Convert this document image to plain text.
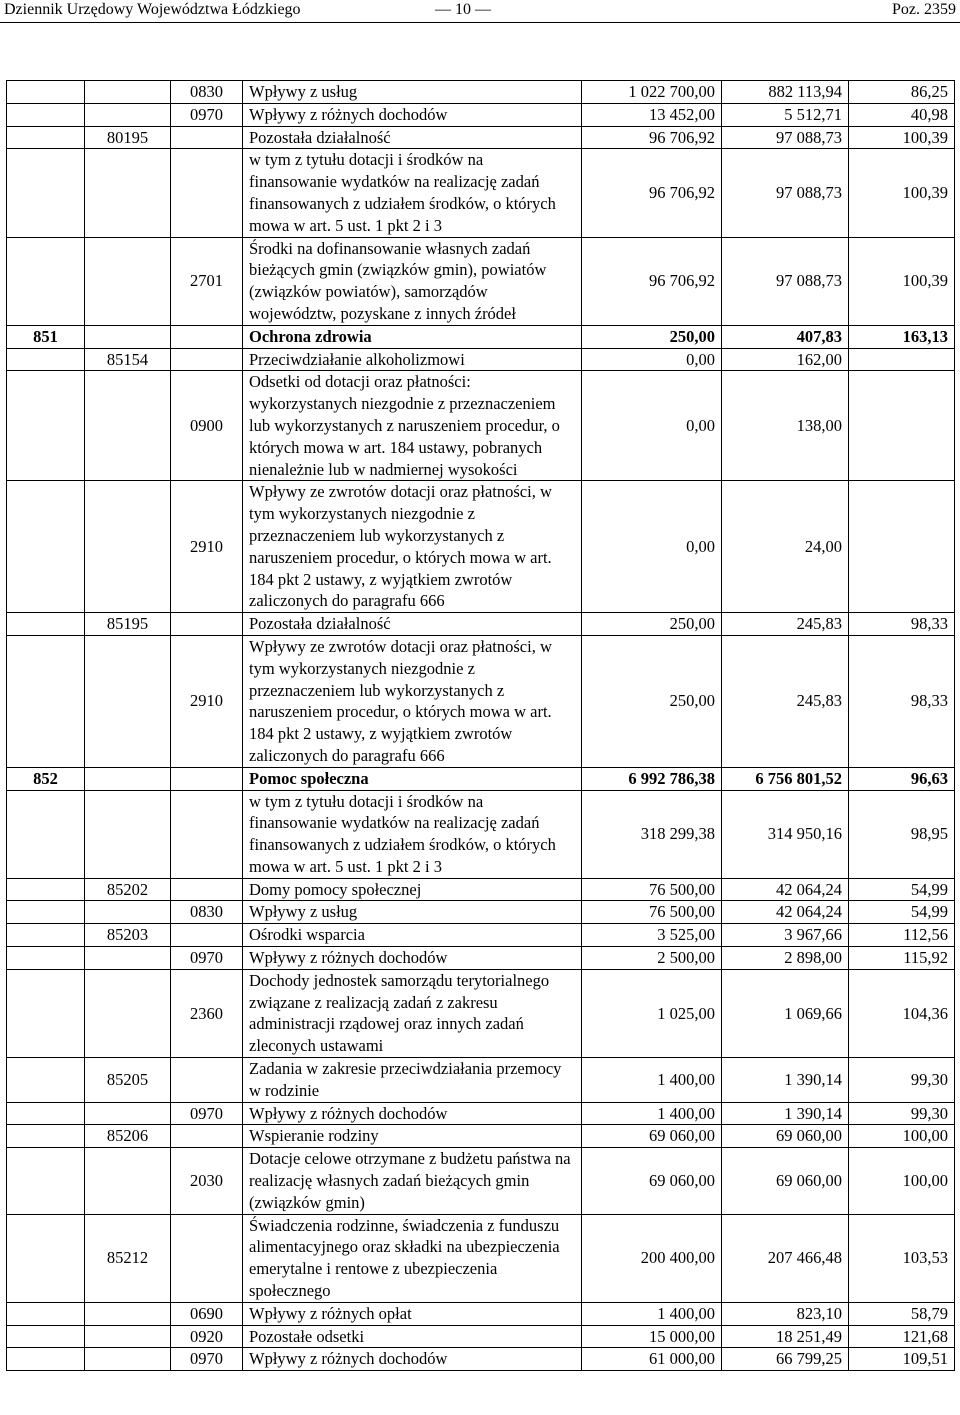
Dziennik Urzędowy Województwa Łódzkiego	— 10 —	Poz. 2359
		0830	Wpływy z usług	1 022 700,00	882 113,94	86,25
		0970	Wpływy z różnych dochodów	13 452,00	5 512,71	40,98
	80195		Pozostała działalność	96 706,92	97 088,73	100,39
			w tym z tytułu dotacji i środków na finansowanie wydatków na realizację zadań finansowanych z udziałem środków, o których mowa w art. 5 ust. 1 pkt 2 i 3	96 706,92	97 088,73	100,39
		2701	Środki na dofinansowanie własnych zadań bieżących gmin (związków gmin), powiatów (związków powiatów), samorządów województw, pozyskane z innych źródeł	96 706,92	97 088,73	100,39
851			Ochrona zdrowia	250,00	407,83	163,13
	85154		Przeciwdziałanie alkoholizmowi	0,00	162,00	
		0900	Odsetki od dotacji oraz płatności: wykorzystanych niezgodnie z przeznaczeniem lub wykorzystanych z naruszeniem procedur, o których mowa w art. 184 ustawy, pobranych nienależnie lub w nadmiernej wysokości	0,00	138,00	
		2910	Wpływy ze zwrotów dotacji oraz płatności, w tym wykorzystanych niezgodnie z przeznaczeniem lub wykorzystanych z naruszeniem procedur, o których mowa w art. 184 pkt 2 ustawy, z wyjątkiem zwrotów zaliczonych do paragrafu 666	0,00	24,00	
	85195		Pozostała działalność	250,00	245,83	98,33
		2910	Wpływy ze zwrotów dotacji oraz płatności, w tym wykorzystanych niezgodnie z przeznaczeniem lub wykorzystanych z naruszeniem procedur, o których mowa w art. 184 pkt 2 ustawy, z wyjątkiem zwrotów zaliczonych do paragrafu 666	250,00	245,83	98,33
852			Pomoc społeczna	6 992 786,38	6 756 801,52	96,63
			w tym z tytułu dotacji i środków na finansowanie wydatków na realizację zadań finansowanych z udziałem środków, o których mowa w art. 5 ust. 1 pkt 2 i 3	318 299,38	314 950,16	98,95
	85202		Domy pomocy społecznej	76 500,00	42 064,24	54,99
		0830	Wpływy z usług	76 500,00	42 064,24	54,99
	85203		Ośrodki wsparcia	3 525,00	3 967,66	112,56
		0970	Wpływy z różnych dochodów	2 500,00	2 898,00	115,92
		2360	Dochody jednostek samorządu terytorialnego związane z realizacją zadań z zakresu administracji rządowej oraz innych zadań zleconych ustawami	1 025,00	1 069,66	104,36
	85205		Zadania w zakresie przeciwdziałania przemocy w rodzinie	1 400,00	1 390,14	99,30
		0970	Wpływy z różnych dochodów	1 400,00	1 390,14	99,30
	85206		Wspieranie rodziny	69 060,00	69 060,00	100,00
		2030	Dotacje celowe otrzymane z budżetu państwa na realizację własnych zadań bieżących gmin (związków gmin)	69 060,00	69 060,00	100,00
	85212		Świadczenia rodzinne, świadczenia z funduszu alimentacyjnego oraz składki na ubezpieczenia emerytalne i rentowe z ubezpieczenia społecznego	200 400,00	207 466,48	103,53
		0690	Wpływy z różnych opłat	1 400,00	823,10	58,79
		0920	Pozostałe odsetki	15 000,00	18 251,49	121,68
		0970	Wpływy z różnych dochodów	61 000,00	66 799,25	109,51
